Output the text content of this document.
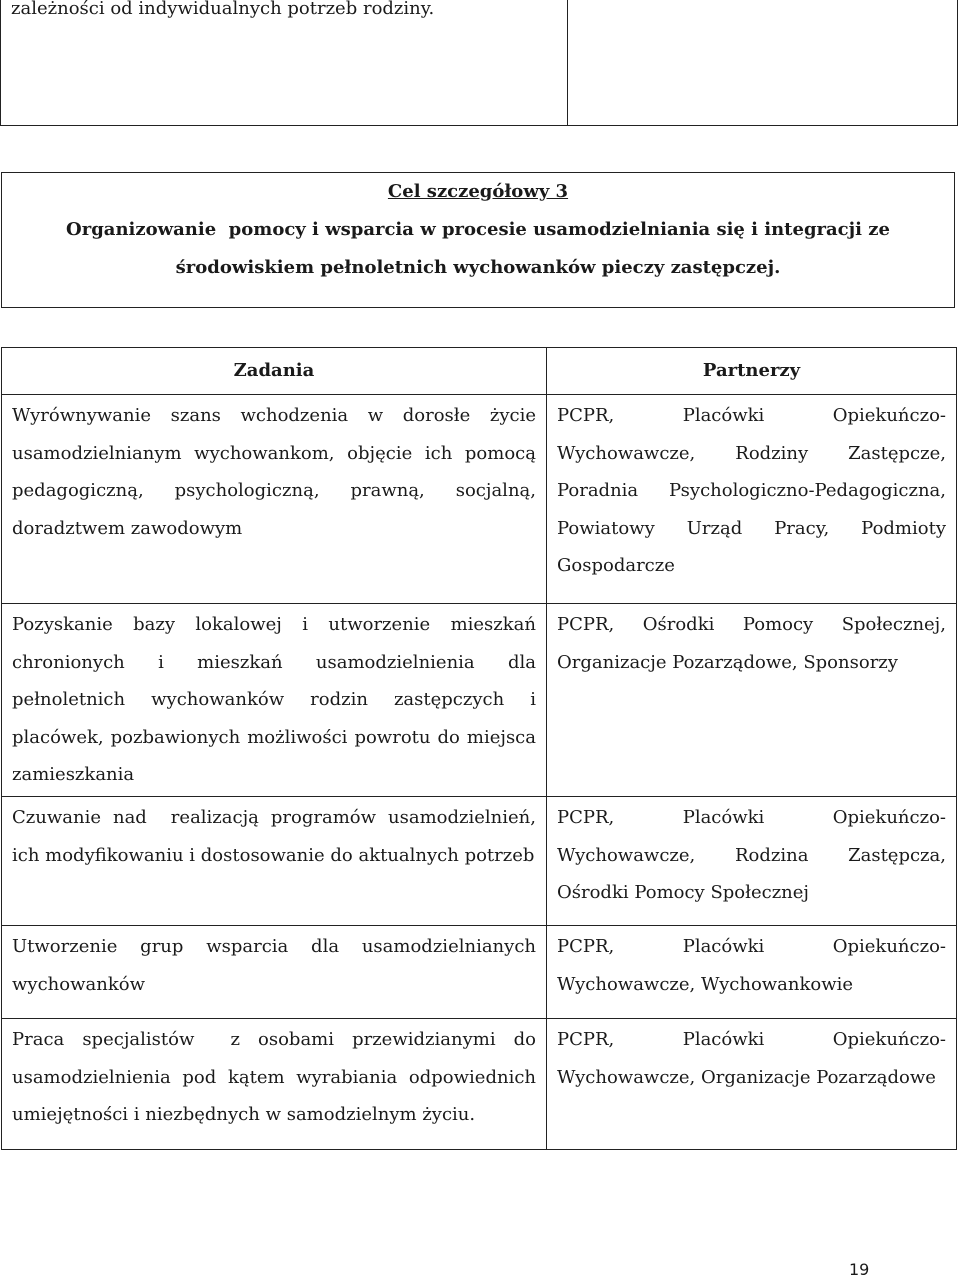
zależności od indywidualnych potrzeb rodziny.	
Cel szczegółowy 3
Organizowanie  pomocy i wsparcia w procesie usamodzielniania się i integracji ze
środowiskiem pełnoletnich wychowanków pieczy zastępczej.
Zadania	Partnerzy

Wyrównywanie szans wchodzenia w dorosłe życie usamodzielnianym wychowankom, objęcie ich pomocą pedagogiczną, psychologiczną, prawną, socjalną, doradztwem zawodowym	PCPR, Placówki Opiekuńczo-Wychowawcze, Rodziny Zastępcze, Poradnia Psychologiczno-Pedagogiczna, Powiatowy Urząd Pracy, Podmioty Gospodarcze

Pozyskanie bazy lokalowej i utworzenie mieszkań chronionych i mieszkań usamodzielnienia dla pełnoletnich wychowanków rodzin zastępczych i placówek, pozbawionych możliwości powrotu do miejsca zamieszkania	PCPR, Ośrodki Pomocy Społecznej, Organizacje Pozarządowe, Sponsorzy

Czuwanie nad  realizacją programów usamodzielnień, ich modyfikowaniu i dostosowanie do aktualnych potrzeb	PCPR, Placówki Opiekuńczo-Wychowawcze, Rodzina Zastępcza, Ośrodki Pomocy Społecznej

Utworzenie grup wsparcia dla usamodzielnianych wychowanków	PCPR, Placówki Opiekuńczo-Wychowawcze, Wychowankowie

Praca specjalistów  z osobami przewidzianymi do usamodzielnienia pod kątem wyrabiania odpowiednich umiejętności i niezbędnych w samodzielnym życiu.	PCPR, Placówki Opiekuńczo-Wychowawcze, Organizacje Pozarządowe
19
